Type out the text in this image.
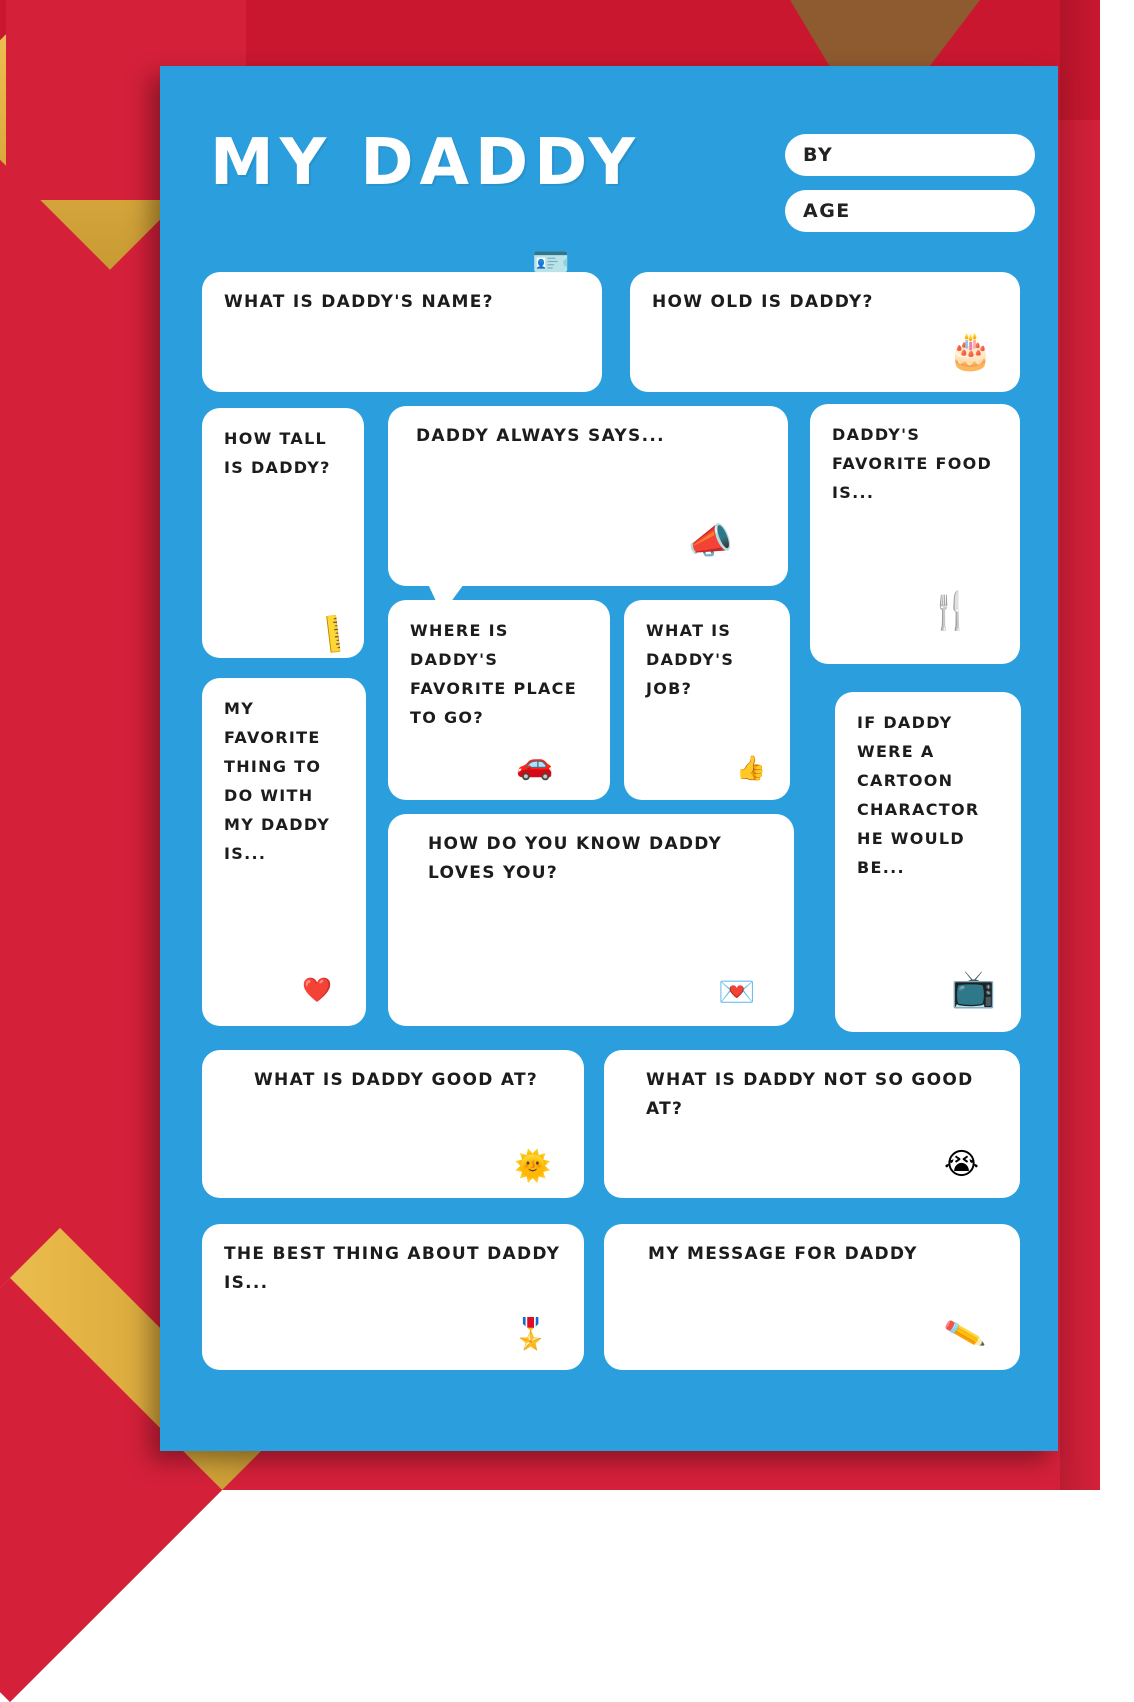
MY DADDY	BY
AGE
WHAT IS DADDY'S NAME?
🪪
HOW OLD IS DADDY?
🎂
HOW TALL IS DADDY?
📏
DADDY ALWAYS SAYS...
📣
DADDY'S FAVORITE FOOD IS...
🍴
WHERE IS DADDY'S FAVORITE PLACE TO GO?
🚗
WHAT IS DADDY'S JOB?
👍
MY FAVORITE THING TO DO WITH MY DADDY IS...
❤️
IF DADDY WERE A CARTOON CHARACTOR HE WOULD BE...
📺
HOW DO YOU KNOW DADDY LOVES YOU?
💌
WHAT IS DADDY GOOD AT?
🌞
WHAT IS DADDY NOT SO GOOD AT?
😭
THE BEST THING ABOUT DADDY IS...
🎖️
MY MESSAGE FOR DADDY
✏️
